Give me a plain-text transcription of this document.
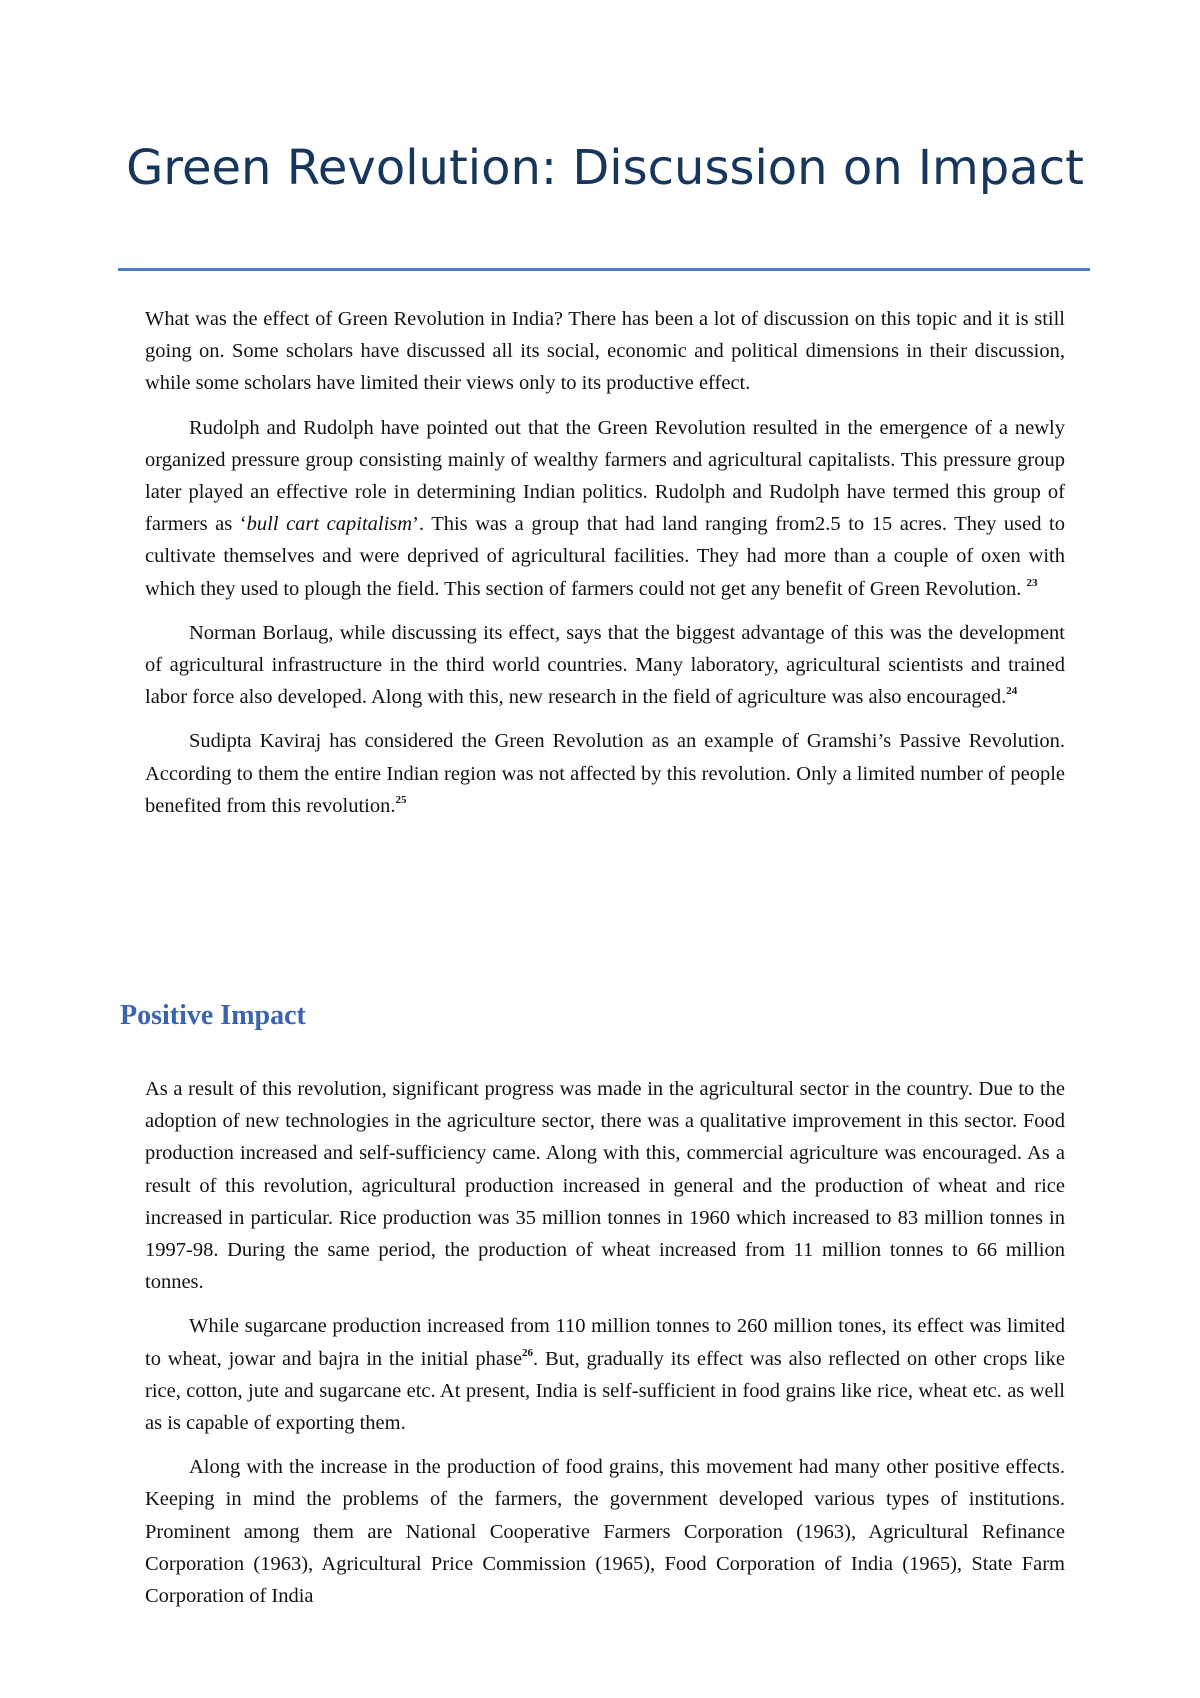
Green Revolution: Discussion on Impact

What was the effect of Green Revolution in India? There has been a lot of discussion on this topic and it is still going on. Some scholars have discussed all its social, economic and political dimensions in their discussion, while some scholars have limited their views only to its productive effect.

Rudolph and Rudolph have pointed out that the Green Revolution resulted in the emergence of a newly organized pressure group consisting mainly of wealthy farmers and agricultural capitalists. This pressure group later played an effective role in determining Indian politics. Rudolph and Rudolph have termed this group of farmers as ‘bull cart capitalism’. This was a group that had land ranging from2.5 to 15 acres. They used to cultivate themselves and were deprived of agricultural facilities. They had more than a couple of oxen with which they used to plough the field. This section of farmers could not get any benefit of Green Revolution. $^{23}$

Norman Borlaug, while discussing its effect, says that the biggest advantage of this was the development of agricultural infrastructure in the third world countries. Many laboratory, agricultural scientists and trained labor force also developed. Along with this, new research in the field of agriculture was also encouraged.$^{24}$

Sudipta Kaviraj has considered the Green Revolution as an example of Gramshi’s Passive Revolution. According to them the entire Indian region was not affected by this revolution. Only a limited number of people benefited from this revolution.$^{25}$

Positive Impact

As a result of this revolution, significant progress was made in the agricultural sector in the country. Due to the adoption of new technologies in the agriculture sector, there was a qualitative improvement in this sector. Food production increased and self-sufficiency came. Along with this, commercial agriculture was encouraged. As a result of this revolution, agricultural production increased in general and the production of wheat and rice increased in particular. Rice production was 35 million tonnes in 1960 which increased to 83 million tonnes in 1997-98. During the same period, the production of wheat increased from 11 million tonnes to 66 million tonnes.

While sugarcane production increased from 110 million tonnes to 260 million tones, its effect was limited to wheat, jowar and bajra in the initial phase$^{26}$. But, gradually its effect was also reflected on other crops like rice, cotton, jute and sugarcane etc. At present, India is self-sufficient in food grains like rice, wheat etc. as well as is capable of exporting them.

Along with the increase in the production of food grains, this movement had many other positive effects. Keeping in mind the problems of the farmers, the government developed various types of institutions. Prominent among them are National Cooperative Farmers Corporation (1963), Agricultural Refinance Corporation (1963), Agricultural Price Commission (1965), Food Corporation of India (1965), State Farm Corporation of India
